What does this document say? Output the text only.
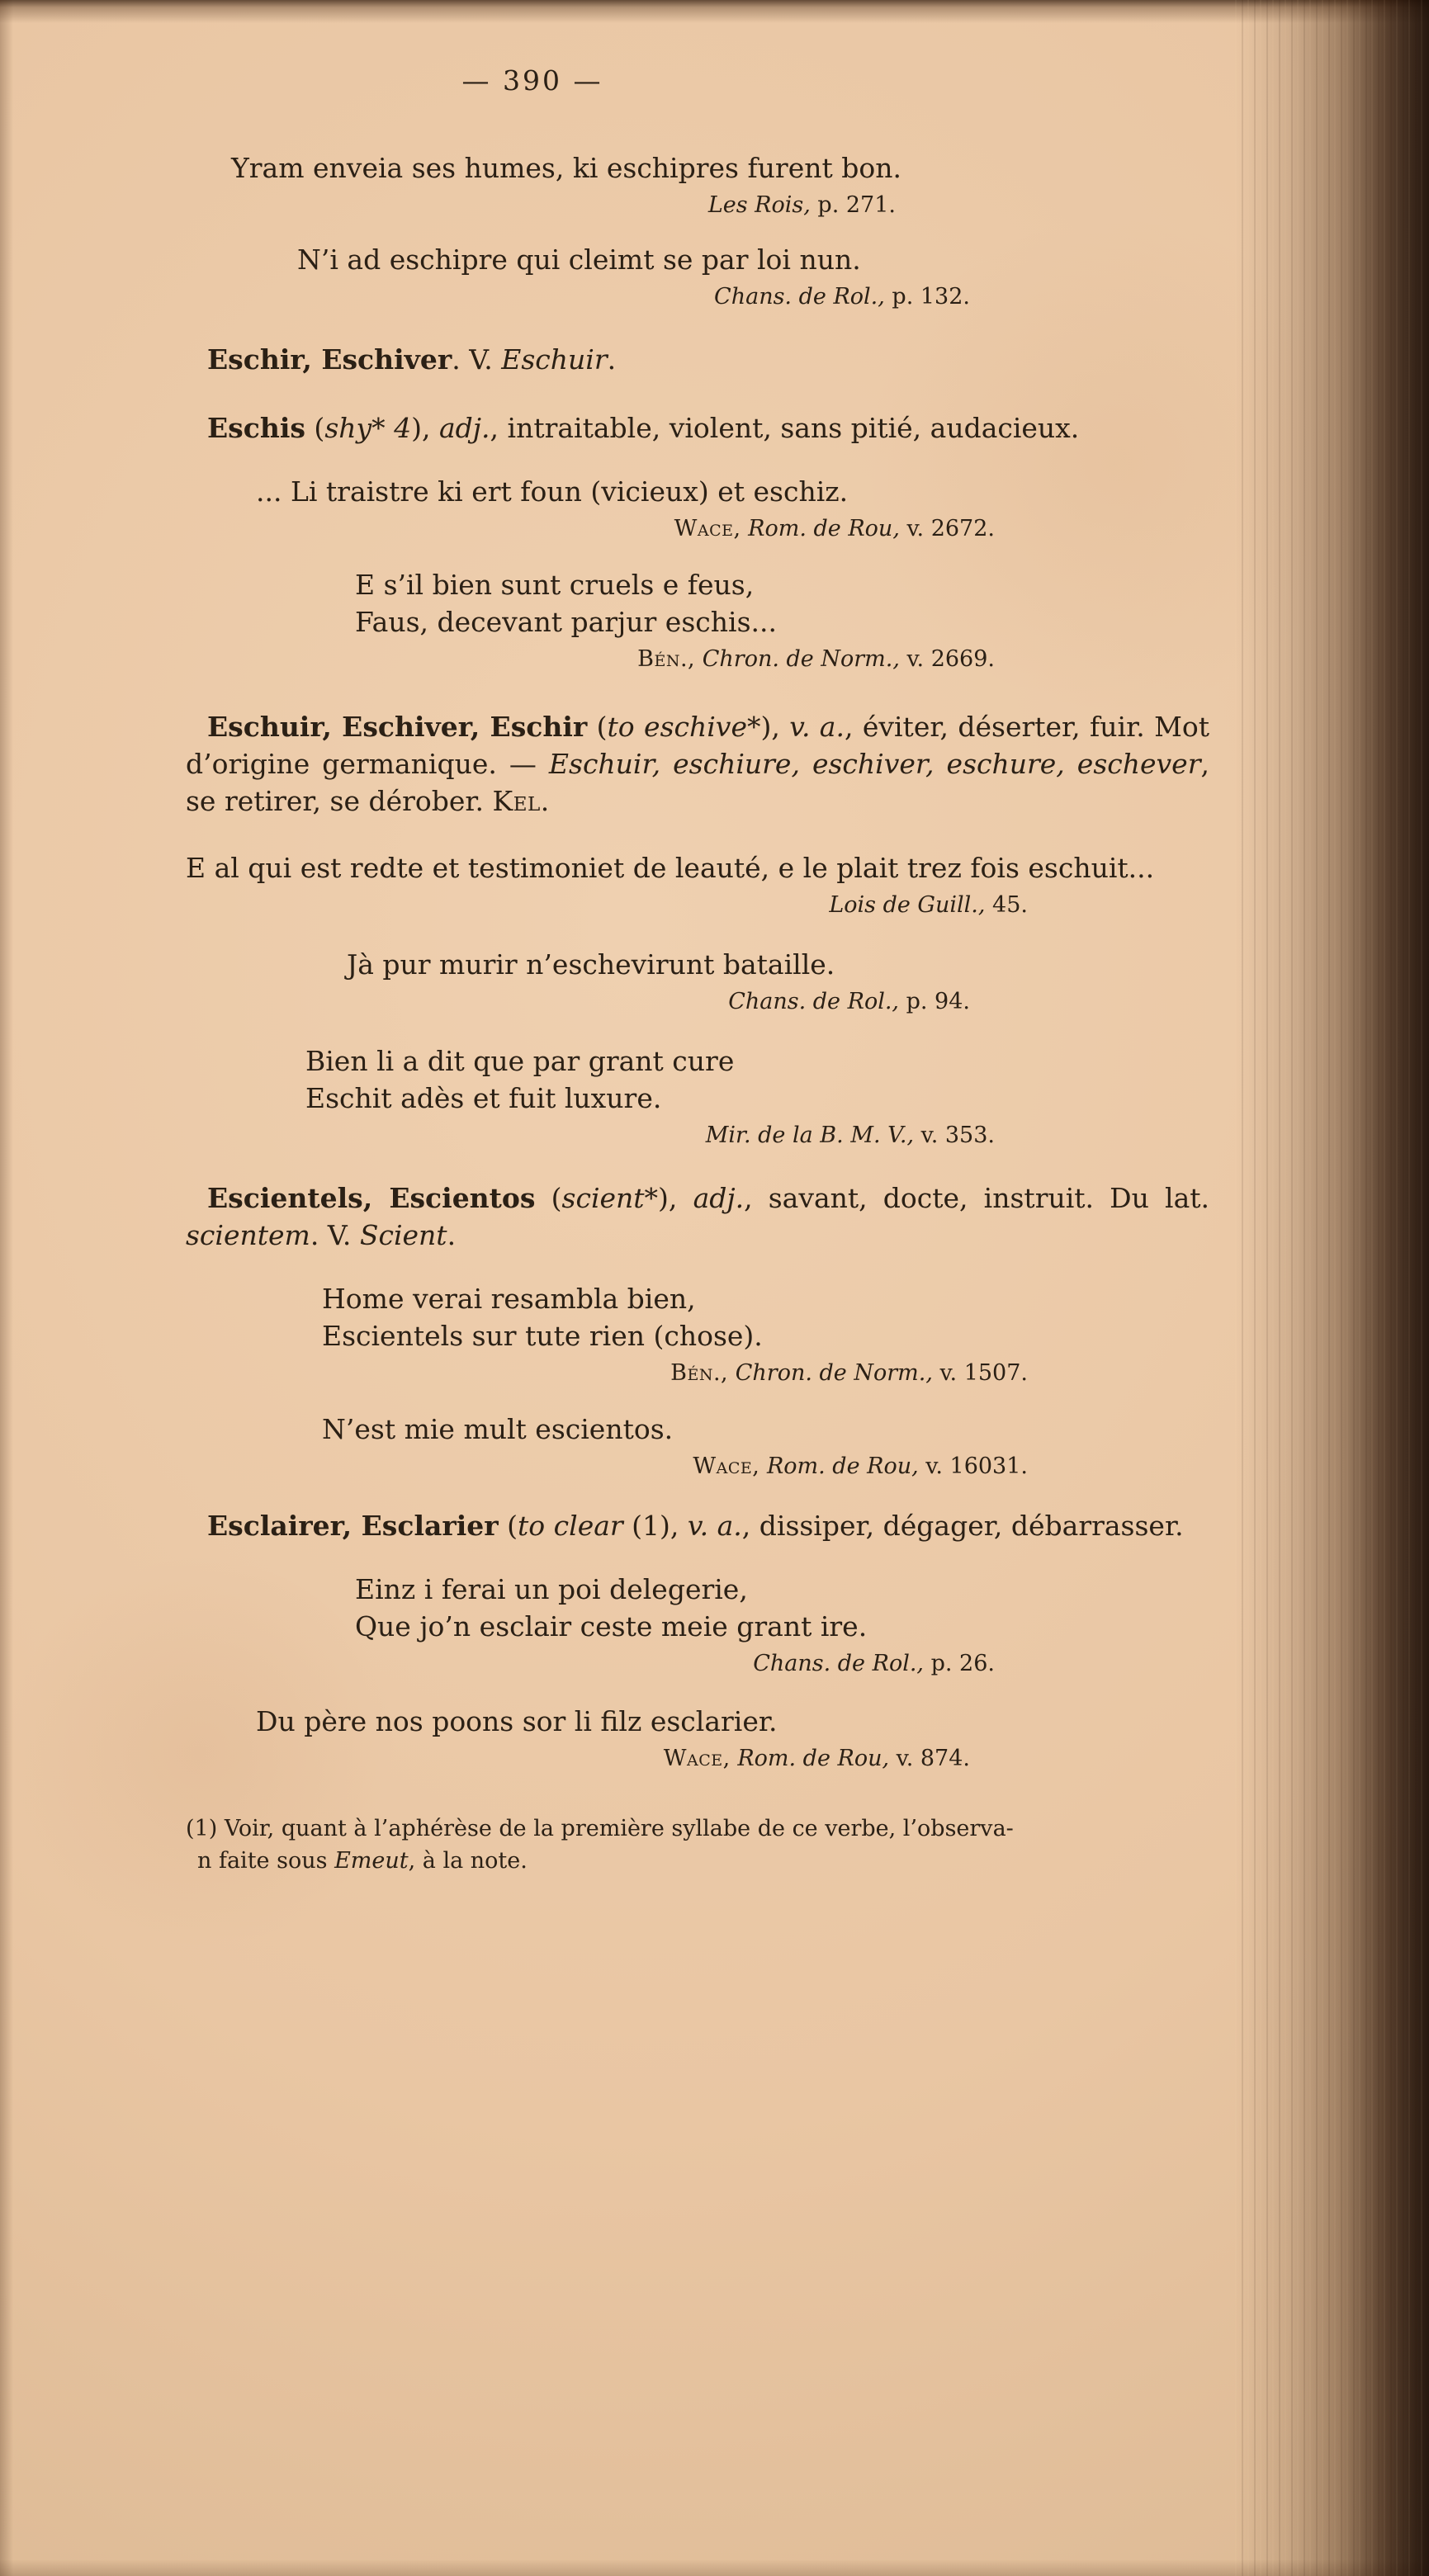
— 390 —
Yram enveia ses humes, ki eschipres furent bon.
Les Rois, p. 271.
N’i ad eschipre qui cleimt se par loi nun.
Chans. de Rol., p. 132.

Eschir, Eschiver. V. Eschuir.

Eschis (shy* 4), adj., intraitable, violent, sans pitié, audacieux.

... Li traistre ki ert foun (vicieux) et eschiz.
Wace, Rom. de Rou, v. 2672.
E s’il bien sunt cruels e feus,
Faus, decevant parjur eschis...
Bén., Chron. de Norm., v. 2669.

Eschuir, Eschiver, Eschir (to eschive*), v. a., éviter, déserter, fuir. Mot d’origine germanique. — Eschuir, eschiure, eschiver, eschure, eschever, se retirer, se dérober. Kel.

E al qui est redte et testimoniet de leauté, e le plait trez fois eschuit...
Lois de Guill., 45.
Jà pur murir n’eschevirunt bataille.
Chans. de Rol., p. 94.
Bien li a dit que par grant cure
Eschit adès et fuit luxure.
Mir. de la B. M. V., v. 353.

Escientels, Escientos (scient*), adj., savant, docte, instruit. Du lat. scientem. V. Scient.

Home verai resambla bien,
Escientels sur tute rien (chose).
Bén., Chron. de Norm., v. 1507.
N’est mie mult escientos.
Wace, Rom. de Rou, v. 16031.

Esclairer, Esclarier (to clear (1), v. a., dissiper, dégager, débarrasser.

Einz i ferai un poi delegerie,
Que jo’n esclair ceste meie grant ire.
Chans. de Rol., p. 26.
Du père nos poons sor li filz esclarier.
Wace, Rom. de Rou, v. 874.
(1) Voir, quant à l’aphérèse de la première syllabe de ce verbe, l’observa-
n faite sous Emeut, à la note.
